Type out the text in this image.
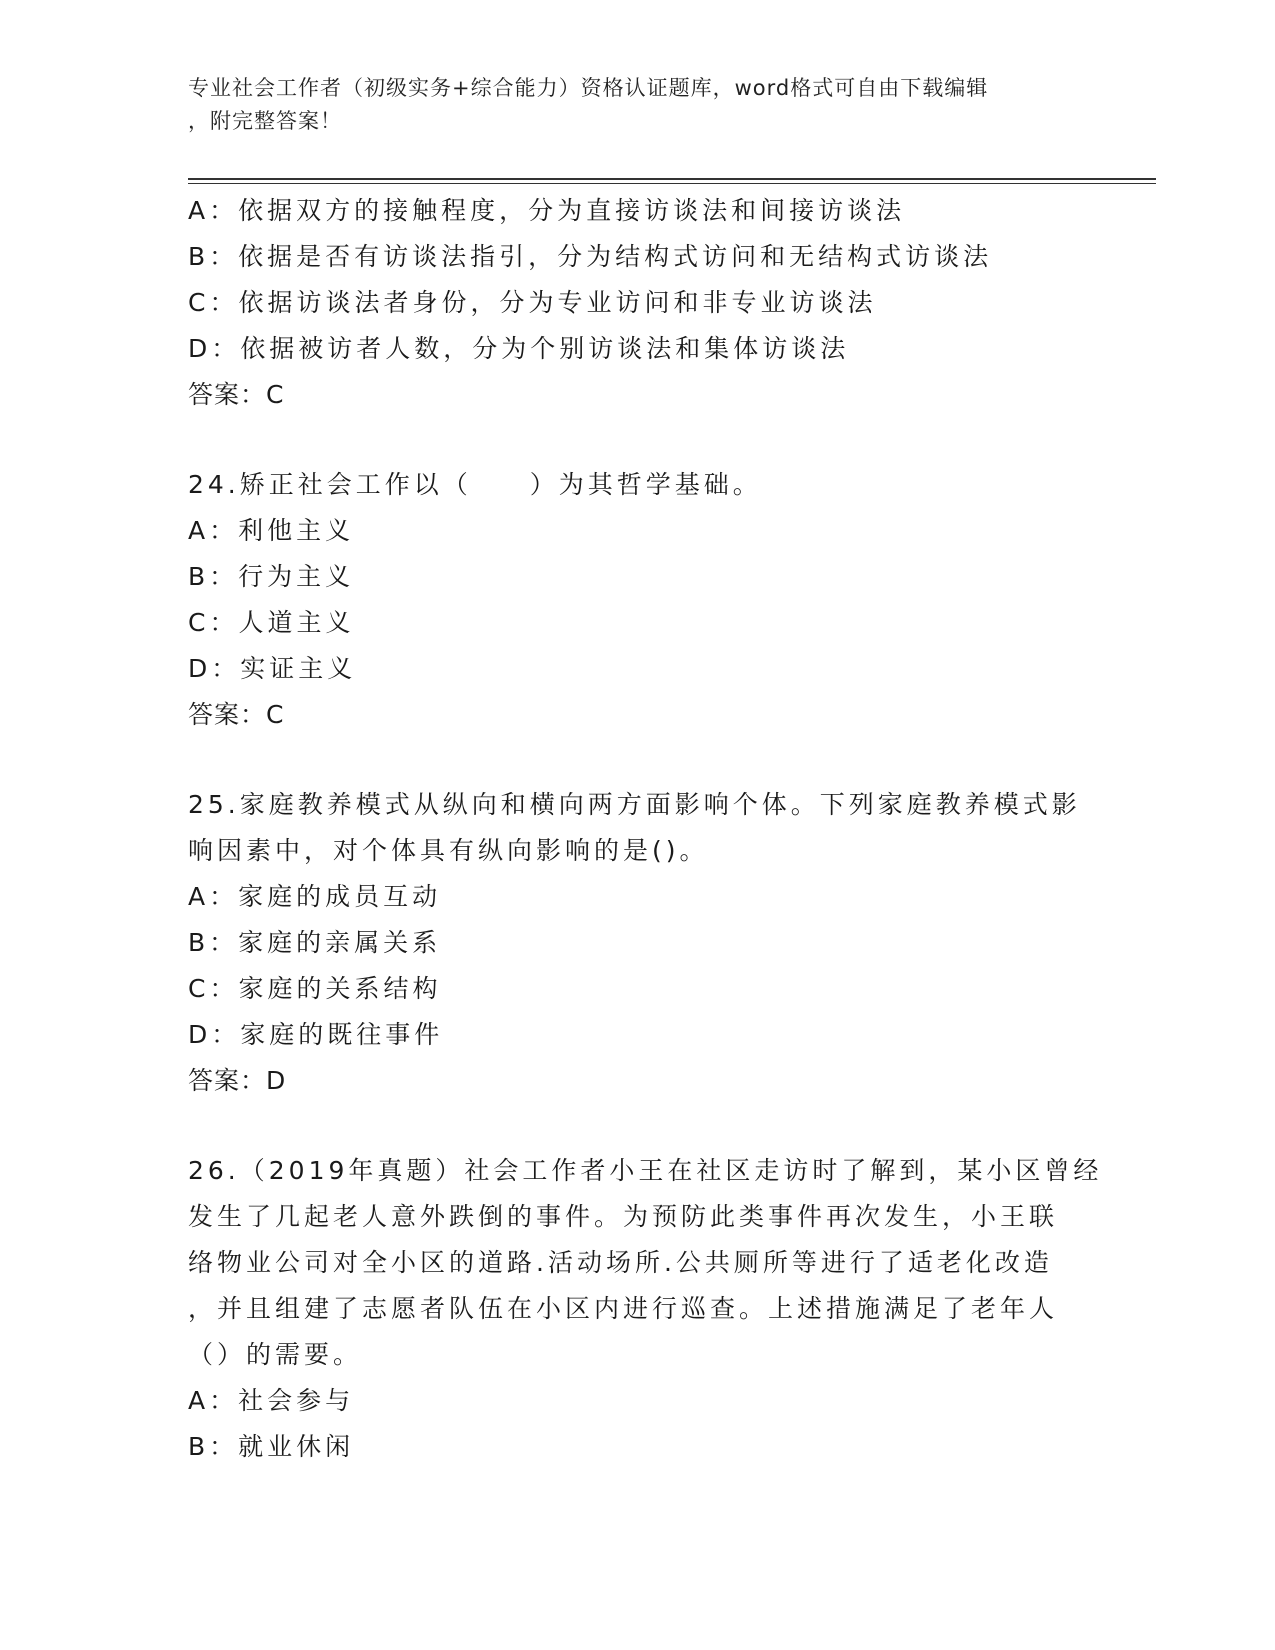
专业社会工作者（初级实务+综合能力）资格认证题库，word格式可自由下载编辑
，附完整答案！
A：依据双方的接触程度，分为直接访谈法和间接访谈法
B：依据是否有访谈法指引，分为结构式访问和无结构式访谈法
C：依据访谈法者身份，分为专业访问和非专业访谈法
D：依据被访者人数，分为个别访谈法和集体访谈法
答案：C
24.矫正社会工作以（　　）为其哲学基础。
A：利他主义
B：行为主义
C：人道主义
D：实证主义
答案：C
25.家庭教养模式从纵向和横向两方面影响个体。下列家庭教养模式影
响因素中，对个体具有纵向影响的是()。
A：家庭的成员互动
B：家庭的亲属关系
C：家庭的关系结构
D：家庭的既往事件
答案：D
26.（2019年真题）社会工作者小王在社区走访时了解到，某小区曾经
发生了几起老人意外跌倒的事件。为预防此类事件再次发生，小王联
络物业公司对全小区的道路.活动场所.公共厕所等进行了适老化改造
，并且组建了志愿者队伍在小区内进行巡查。上述措施满足了老年人
（）的需要。
A：社会参与
B：就业休闲
